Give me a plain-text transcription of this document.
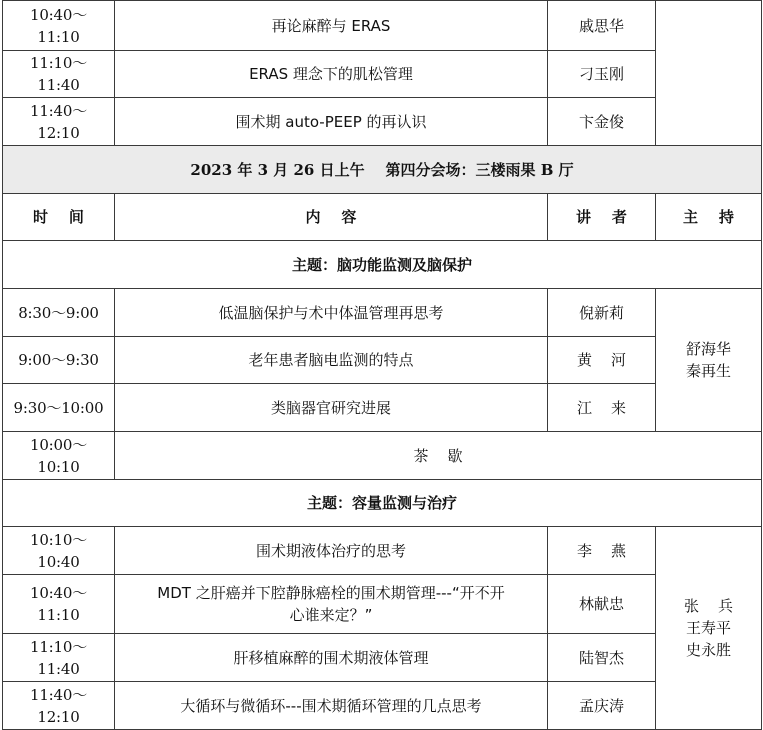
10:40～11:10	再论麻醉与 ERAS	戚思华	
11:10～11:40	ERAS 理念下的肌松管理	刁玉刚	
11:40～12:10	围术期 auto-PEEP 的再认识	卞金俊	
2023 年 3 月 26 日上午    第四分会场：三楼雨果 B 厅			
时    间	内    容	讲    者	主    持
主题：脑功能监测及脑保护			
8:30～9:00	低温脑保护与术中体温管理再思考	倪新莉	舒海华
秦再生

9:00～9:30	老年患者脑电监测的特点	黄    河	
9:30～10:00	类脑器官研究进展	江    来	
10:00～10:10	茶    歇		
主题：容量监测与治疗			
10:10～10:40	围术期液体治疗的思考	李    燕	张    兵
王寿平
史永胜

10:40～11:10	MDT 之肝癌并下腔静脉癌栓的围术期管理---“开不开
心谁来定？”	林献忠	
11:10～11:40	肝移植麻醉的围术期液体管理	陆智杰	
11:40～12:10	大循环与微循环---围术期循环管理的几点思考	孟庆涛	
